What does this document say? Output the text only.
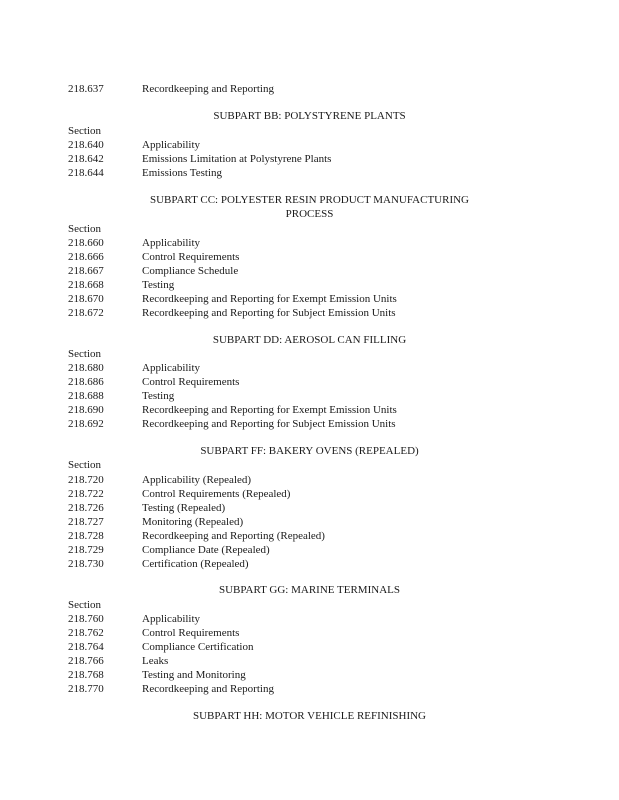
218.637	Recordkeeping and Reporting
SUBPART BB: POLYSTYRENE PLANTS
Section
218.640	Applicability
218.642	Emissions Limitation at Polystyrene Plants
218.644	Emissions Testing
SUBPART CC: POLYESTER RESIN PRODUCT MANUFACTURING
PROCESS
Section
218.660	Applicability
218.666	Control Requirements
218.667	Compliance Schedule
218.668	Testing
218.670	Recordkeeping and Reporting for Exempt Emission Units
218.672	Recordkeeping and Reporting for Subject Emission Units
SUBPART DD: AEROSOL CAN FILLING
Section
218.680	Applicability
218.686	Control Requirements
218.688	Testing
218.690	Recordkeeping and Reporting for Exempt Emission Units
218.692	Recordkeeping and Reporting for Subject Emission Units
SUBPART FF: BAKERY OVENS (REPEALED)
Section
218.720	Applicability (Repealed)
218.722	Control Requirements (Repealed)
218.726	Testing (Repealed)
218.727	Monitoring (Repealed)
218.728	Recordkeeping and Reporting (Repealed)
218.729	Compliance Date (Repealed)
218.730	Certification (Repealed)
SUBPART GG: MARINE TERMINALS
Section
218.760	Applicability
218.762	Control Requirements
218.764	Compliance Certification
218.766	Leaks
218.768	Testing and Monitoring
218.770	Recordkeeping and Reporting
SUBPART HH: MOTOR VEHICLE REFINISHING
